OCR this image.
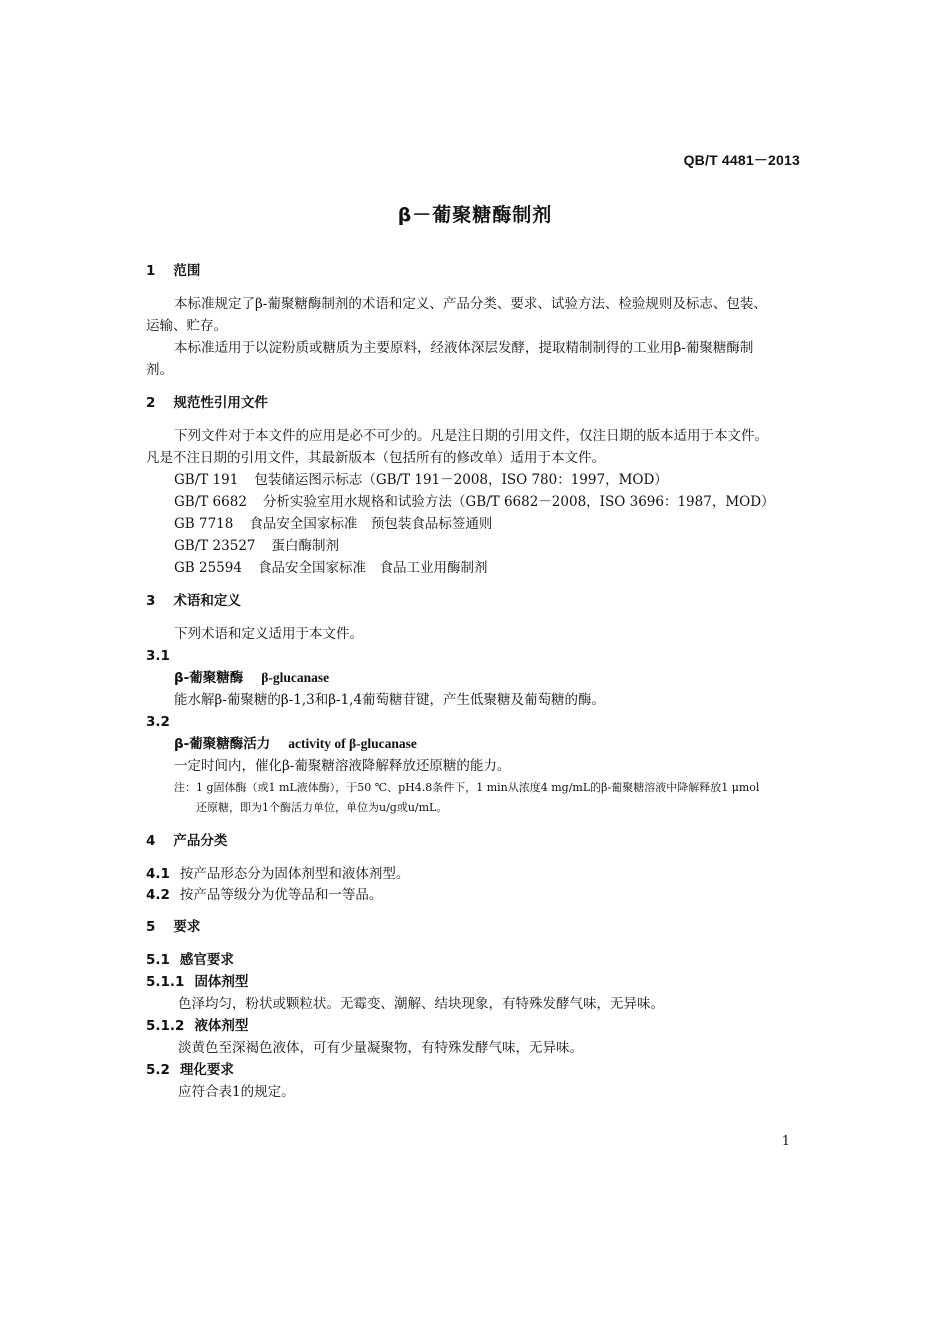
QB/T 4481－2013
β－葡聚糖酶制剂
1 范围
本标准规定了β-葡聚糖酶制剂的术语和定义、产品分类、要求、试验方法、检验规则及标志、包装、
运输、贮存。
本标准适用于以淀粉质或糖质为主要原料，经液体深层发酵，提取精制制得的工业用β-葡聚糖酶制
剂。
2 规范性引用文件
下列文件对于本文件的应用是必不可少的。凡是注日期的引用文件，仅注日期的版本适用于本文件。
凡是不注日期的引用文件，其最新版本（包括所有的修改单）适用于本文件。
GB/T 191 包装储运图示标志（GB/T 191－2008，ISO 780：1997，MOD）
GB/T 6682 分析实验室用水规格和试验方法（GB/T 6682－2008，ISO 3696：1987，MOD）
GB 7718 食品安全国家标准　预包装食品标签通则
GB/T 23527 蛋白酶制剂
GB 25594 食品安全国家标准　食品工业用酶制剂
3 术语和定义
下列术语和定义适用于本文件。
3.1
β-葡聚糖酶 β-glucanase
能水解β-葡聚糖的β-1,3和β-1,4葡萄糖苷键，产生低聚糖及葡萄糖的酶。
3.2
β-葡聚糖酶活力 activity of β-glucanase
一定时间内，催化β-葡聚糖溶液降解释放还原糖的能力。
注：1 g固体酶（或1 mL液体酶），于50 ℃、pH4.8条件下，1 min从浓度4 mg/mL的β-葡聚糖溶液中降解释放1 μmol
还原糖，即为1个酶活力单位，单位为u/g或u/mL。
4 产品分类
4.1 按产品形态分为固体剂型和液体剂型。
4.2 按产品等级分为优等品和一等品。
5 要求
5.1 感官要求
5.1.1 固体剂型
色泽均匀，粉状或颗粒状。无霉变、潮解、结块现象，有特殊发酵气味，无异味。
5.1.2 液体剂型
淡黄色至深褐色液体，可有少量凝聚物，有特殊发酵气味，无异味。
5.2 理化要求
应符合表1的规定。
1
